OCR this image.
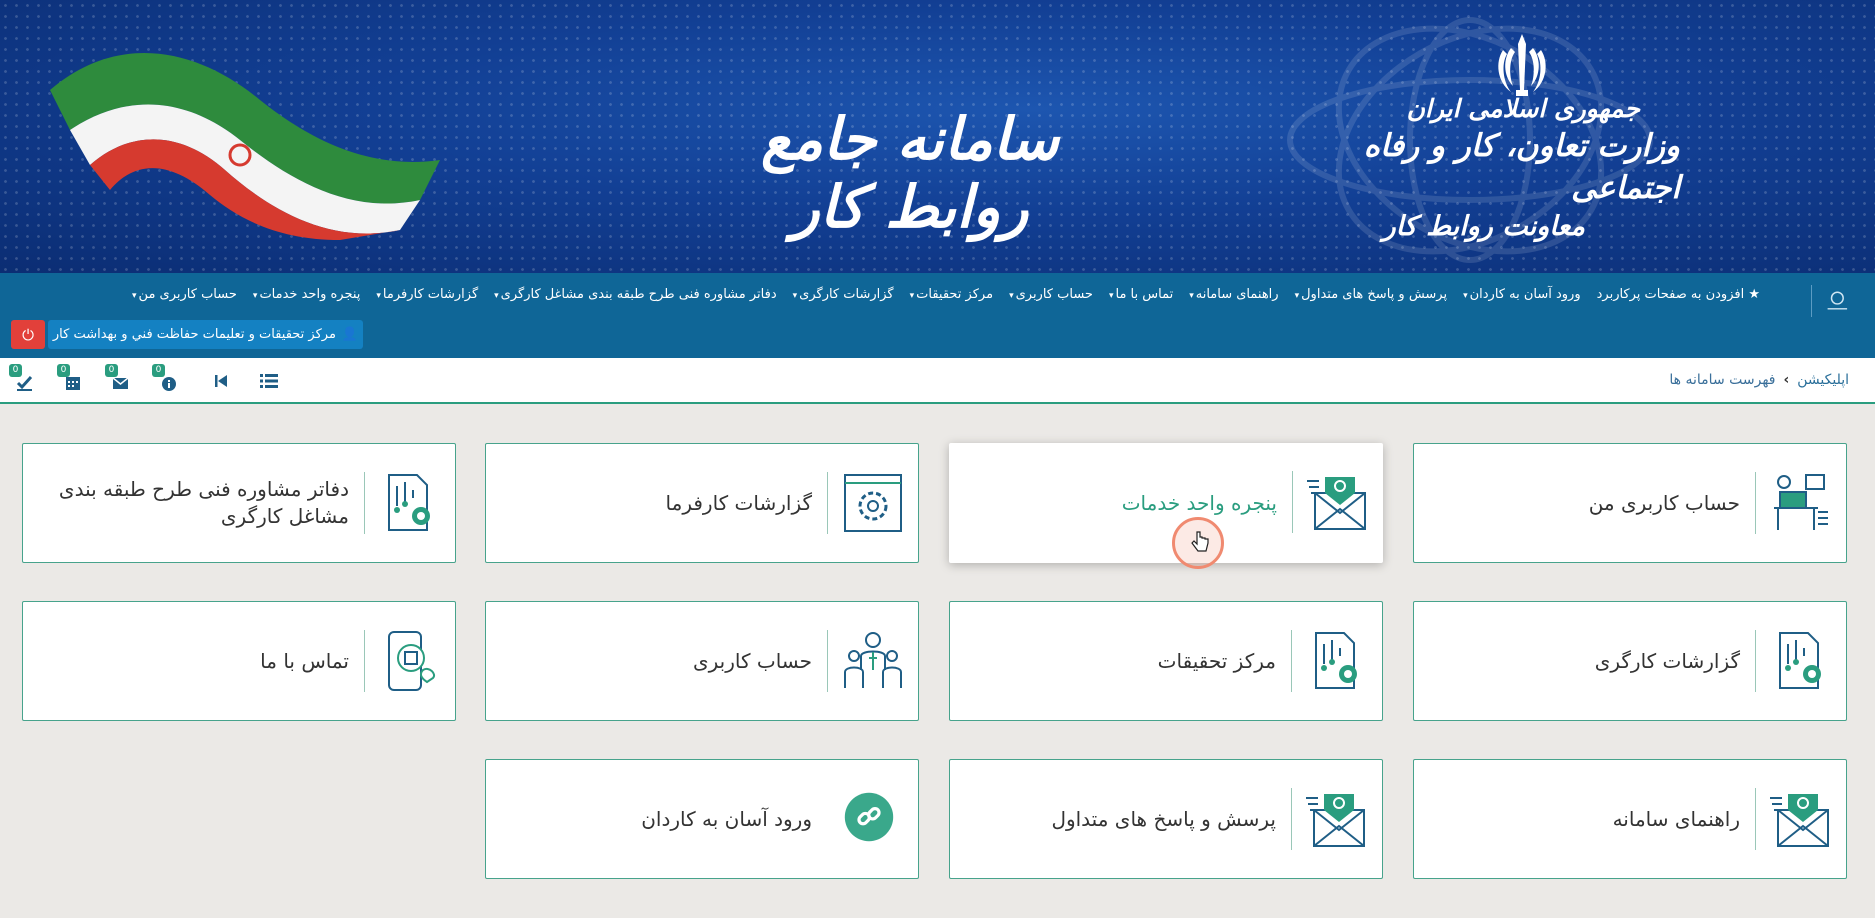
سامانه جامع روابط کار
جمهوری اسلامی ایران
وزارت تعاون، کار و رفاه اجتماعی
معاونت روابط کار
حساب کاربری من▾	پنجره واحد خدمات▾	گزارشات کارفرما▾	دفاتر مشاوره فنی طرح طبقه بندی مشاغل کارگری▾	گزارشات کارگری▾	مرکز تحقیقات▾	حساب کاربری▾	تماس با ما▾	راهنمای سامانه▾	پرسش و پاسخ های متداول▾	ورود آسان به کاردان▾	★ افزودن به صفحات پرکاربرد
👤
مرکز تحقیقات و تعلیمات حفاظت فني و بهداشت کار
⏻
اپلیکیشن
›
فهرست سامانه ها
0
0
0
0
حساب کاربری من
پنجره واحد خدمات
گزارشات کارفرما
دفاتر مشاوره فنی طرح طبقه بندی مشاغل کارگری
گزارشات کارگری
مرکز تحقیقات
حساب کاربری
تماس با ما
راهنمای سامانه
پرسش و پاسخ های متداول
ورود آسان به کاردان
